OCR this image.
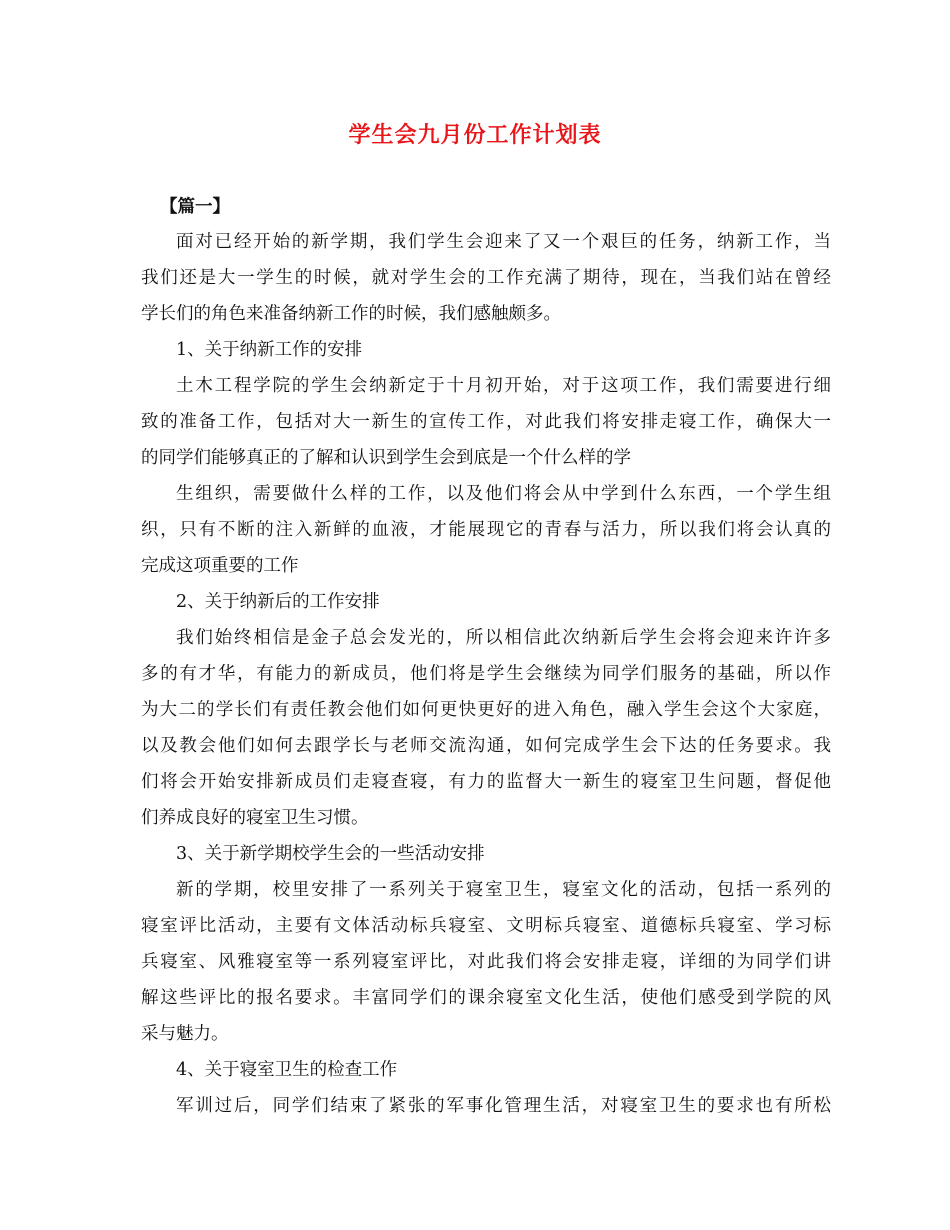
学生会九月份工作计划表
【篇一】
面对已经开始的新学期，我们学生会迎来了又一个艰巨的任务，纳新工作，当
我们还是大一学生的时候，就对学生会的工作充满了期待，现在，当我们站在曾经
学长们的角色来准备纳新工作的时候，我们感触颇多。
1、关于纳新工作的安排
土木工程学院的学生会纳新定于十月初开始，对于这项工作，我们需要进行细
致的准备工作，包括对大一新生的宣传工作，对此我们将安排走寝工作，确保大一
的同学们能够真正的了解和认识到学生会到底是一个什么样的学
生组织，需要做什么样的工作，以及他们将会从中学到什么东西，一个学生组
织，只有不断的注入新鲜的血液，才能展现它的青春与活力，所以我们将会认真的
完成这项重要的工作
2、关于纳新后的工作安排
我们始终相信是金子总会发光的，所以相信此次纳新后学生会将会迎来许许多
多的有才华，有能力的新成员，他们将是学生会继续为同学们服务的基础，所以作
为大二的学长们有责任教会他们如何更快更好的进入角色，融入学生会这个大家庭，
以及教会他们如何去跟学长与老师交流沟通，如何完成学生会下达的任务要求。我
们将会开始安排新成员们走寝查寝，有力的监督大一新生的寝室卫生问题，督促他
们养成良好的寝室卫生习惯。
3、关于新学期校学生会的一些活动安排
新的学期，校里安排了一系列关于寝室卫生，寝室文化的活动，包括一系列的
寝室评比活动，主要有文体活动标兵寝室、文明标兵寝室、道德标兵寝室、学习标
兵寝室、风雅寝室等一系列寝室评比，对此我们将会安排走寝，详细的为同学们讲
解这些评比的报名要求。丰富同学们的课余寝室文化生活，使他们感受到学院的风
采与魅力。
4、关于寝室卫生的检查工作
军训过后，同学们结束了紧张的军事化管理生活，对寝室卫生的要求也有所松
